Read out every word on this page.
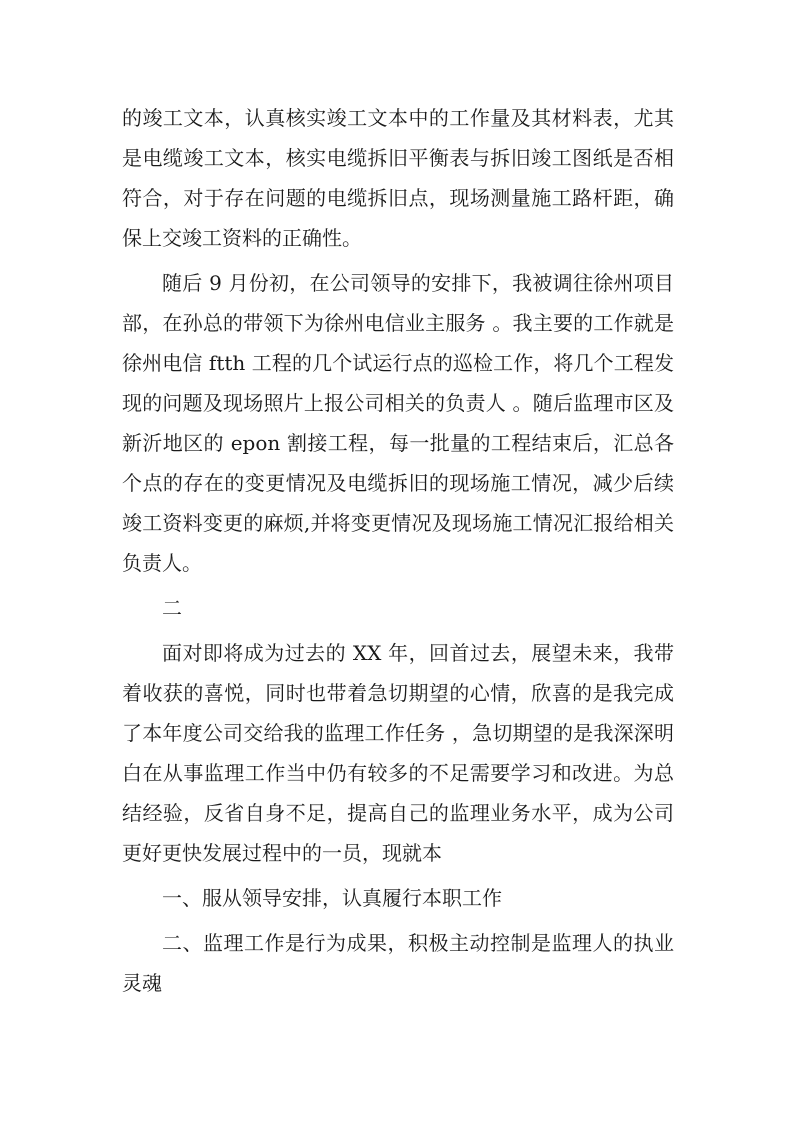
的竣工文本，认真核实竣工文本中的工作量及其材料表，尤其是电缆竣工文本，核实电缆拆旧平衡表与拆旧竣工图纸是否相符合，对于存在问题的电缆拆旧点，现场测量施工路杆距，确保上交竣工资料的正确性。

随后 9 月份初，在公司领导的安排下，我被调往徐州项目部，在孙总的带领下为徐州电信业主服务 。我主要的工作就是徐州电信 ftth 工程的几个试运行点的巡检工作，将几个工程发现的问题及现场照片上报公司相关的负责人 。随后监理市区及新沂地区的 epon 割接工程，每一批量的工程结束后，汇总各个点的存在的变更情况及电缆拆旧的现场施工情况，减少后续竣工资料变更的麻烦,并将变更情况及现场施工情况汇报给相关负责人。

二

面对即将成为过去的 XX 年，回首过去，展望未来，我带着收获的喜悦，同时也带着急切期望的心情，欣喜的是我完成了本年度公司交给我的监理工作任务 ，急切期望的是我深深明白在从事监理工作当中仍有较多的不足需要学习和改进。为总结经验，反省自身不足，提高自己的监理业务水平，成为公司更好更快发展过程中的一员，现就本

一、服从领导安排，认真履行本职工作

二、监理工作是行为成果，积极主动控制是监理人的执业灵魂
